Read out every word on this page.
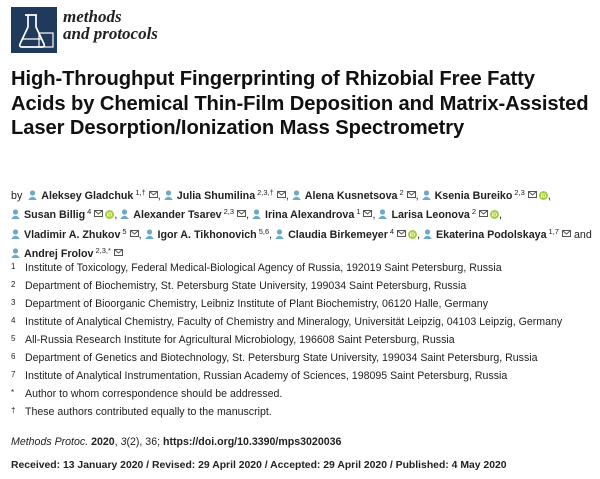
methods
and protocols
High-Throughput Fingerprinting of Rhizobial Free Fatty Acids by Chemical Thin-Film Deposition and Matrix-Assisted Laser Desorption/Ionization Mass Spectrometry

by Aleksey Gladchuk $^{1,\dagger}$ , Julia Shumilina $^{2,3,\dagger}$ , Alena Kusnetsova $^2$ , Ksenia Bureiko $^{2,3}$	iD , Susan Billig $^4$	iD , Alexander Tsarev $^{2,3}$ , Irina Alexandrova $^1$ , Larisa Leonova $^2$	iD , Vladimir A. Zhukov $^5$ , Igor A. Tikhonovich $^{5,6}$, Claudia Birkemeyer $^4$	iD , Ekaterina Podolskaya $^{1,7}$ and Andrej Frolov $^{2,3,*}$

1 Institute of Toxicology, Federal Medical-Biological Agency of Russia, 192019 Saint Petersburg, Russia
2 Department of Biochemistry, St. Petersburg State University, 199034 Saint Petersburg, Russia
3 Department of Bioorganic Chemistry, Leibniz Institute of Plant Biochemistry, 06120 Halle, Germany
4 Institute of Analytical Chemistry, Faculty of Chemistry and Mineralogy, Universität Leipzig, 04103 Leipzig, Germany
5 All-Russia Research Institute for Agricultural Microbiology, 196608 Saint Petersburg, Russia
6 Department of Genetics and Biotechnology, St. Petersburg State University, 199034 Saint Petersburg, Russia
7 Institute of Analytical Instrumentation, Russian Academy of Sciences, 198095 Saint Petersburg, Russia
*	Author to whom correspondence should be addressed.
† These authors contributed equally to the manuscript.

Methods Protoc. 2020, 3(2), 36; https://doi.org/10.3390/mps3020036

Received: 13 January 2020 / Revised: 29 April 2020 / Accepted: 29 April 2020 / Published: 4 May 2020
